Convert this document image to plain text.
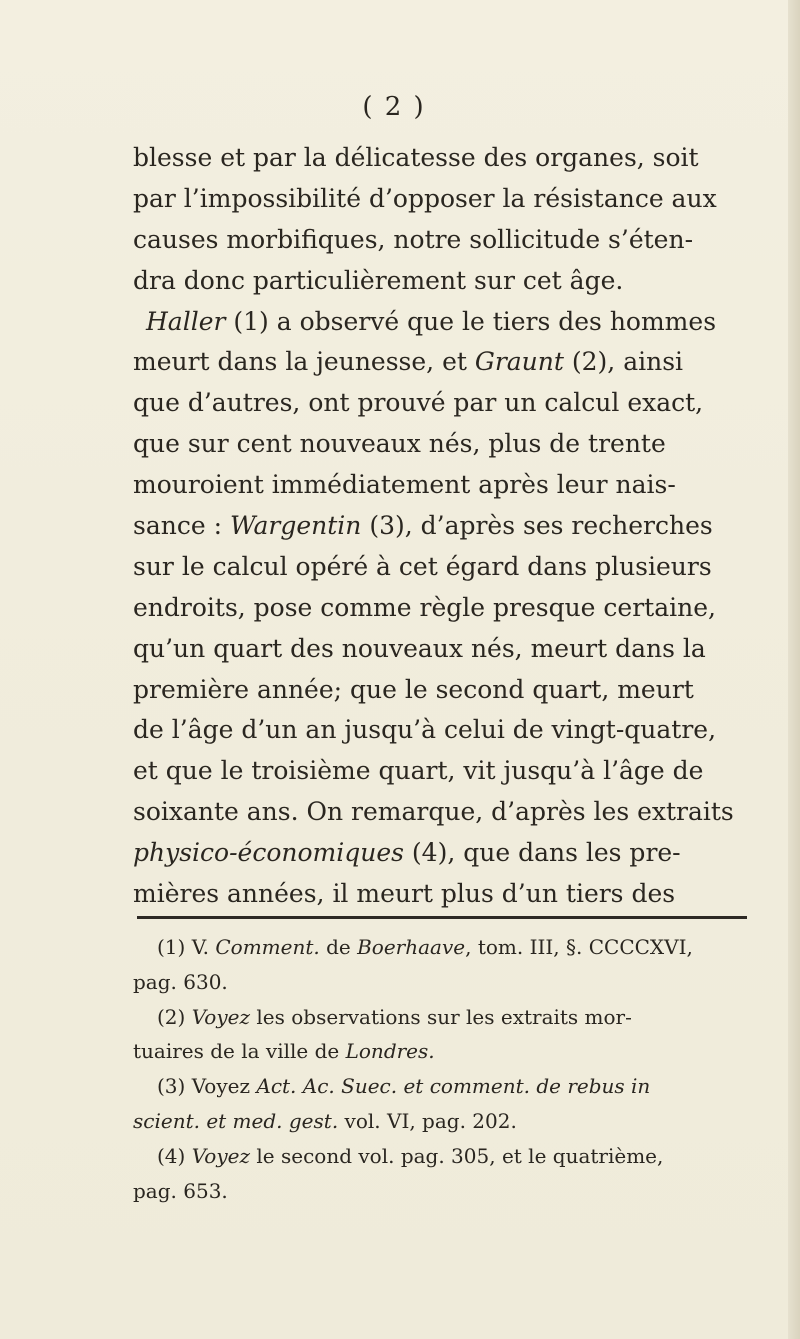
( 2 )
blesse et par la délicatesse des organes, soit
par l’impossibilité d’opposer la résistance aux
causes morbifiques, notre sollicitude s’éten-
dra donc particulièrement sur cet âge.
Haller (1) a observé que le tiers des hommes
meurt dans la jeunesse, et Graunt (2), ainsi
que d’autres, ont prouvé par un calcul exact,
que sur cent nouveaux nés, plus de trente
mouroient immédiatement après leur nais-
sance : Wargentin (3), d’après ses recherches
sur le calcul opéré à cet égard dans plusieurs
endroits, pose comme règle presque certaine,
qu’un quart des nouveaux nés, meurt dans la
première année; que le second quart, meurt
de l’âge d’un an jusqu’à celui de vingt-quatre,
et que le troisième quart, vit jusqu’à l’âge de
soixante ans. On remarque, d’après les extraits
physico-économiques (4), que dans les pre-
mières années, il meurt plus d’un tiers des
(1) V. Comment. de Boerhaave, tom. III, §. CCCCXVI,
pag. 630.
(2) Voyez les observations sur les extraits mor-
tuaires de la ville de Londres.
(3) Voyez Act. Ac. Suec. et comment. de rebus in
scient. et med. gest. vol. VI, pag. 202.
(4) Voyez le second vol. pag. 305, et le quatrième,
pag. 653.
